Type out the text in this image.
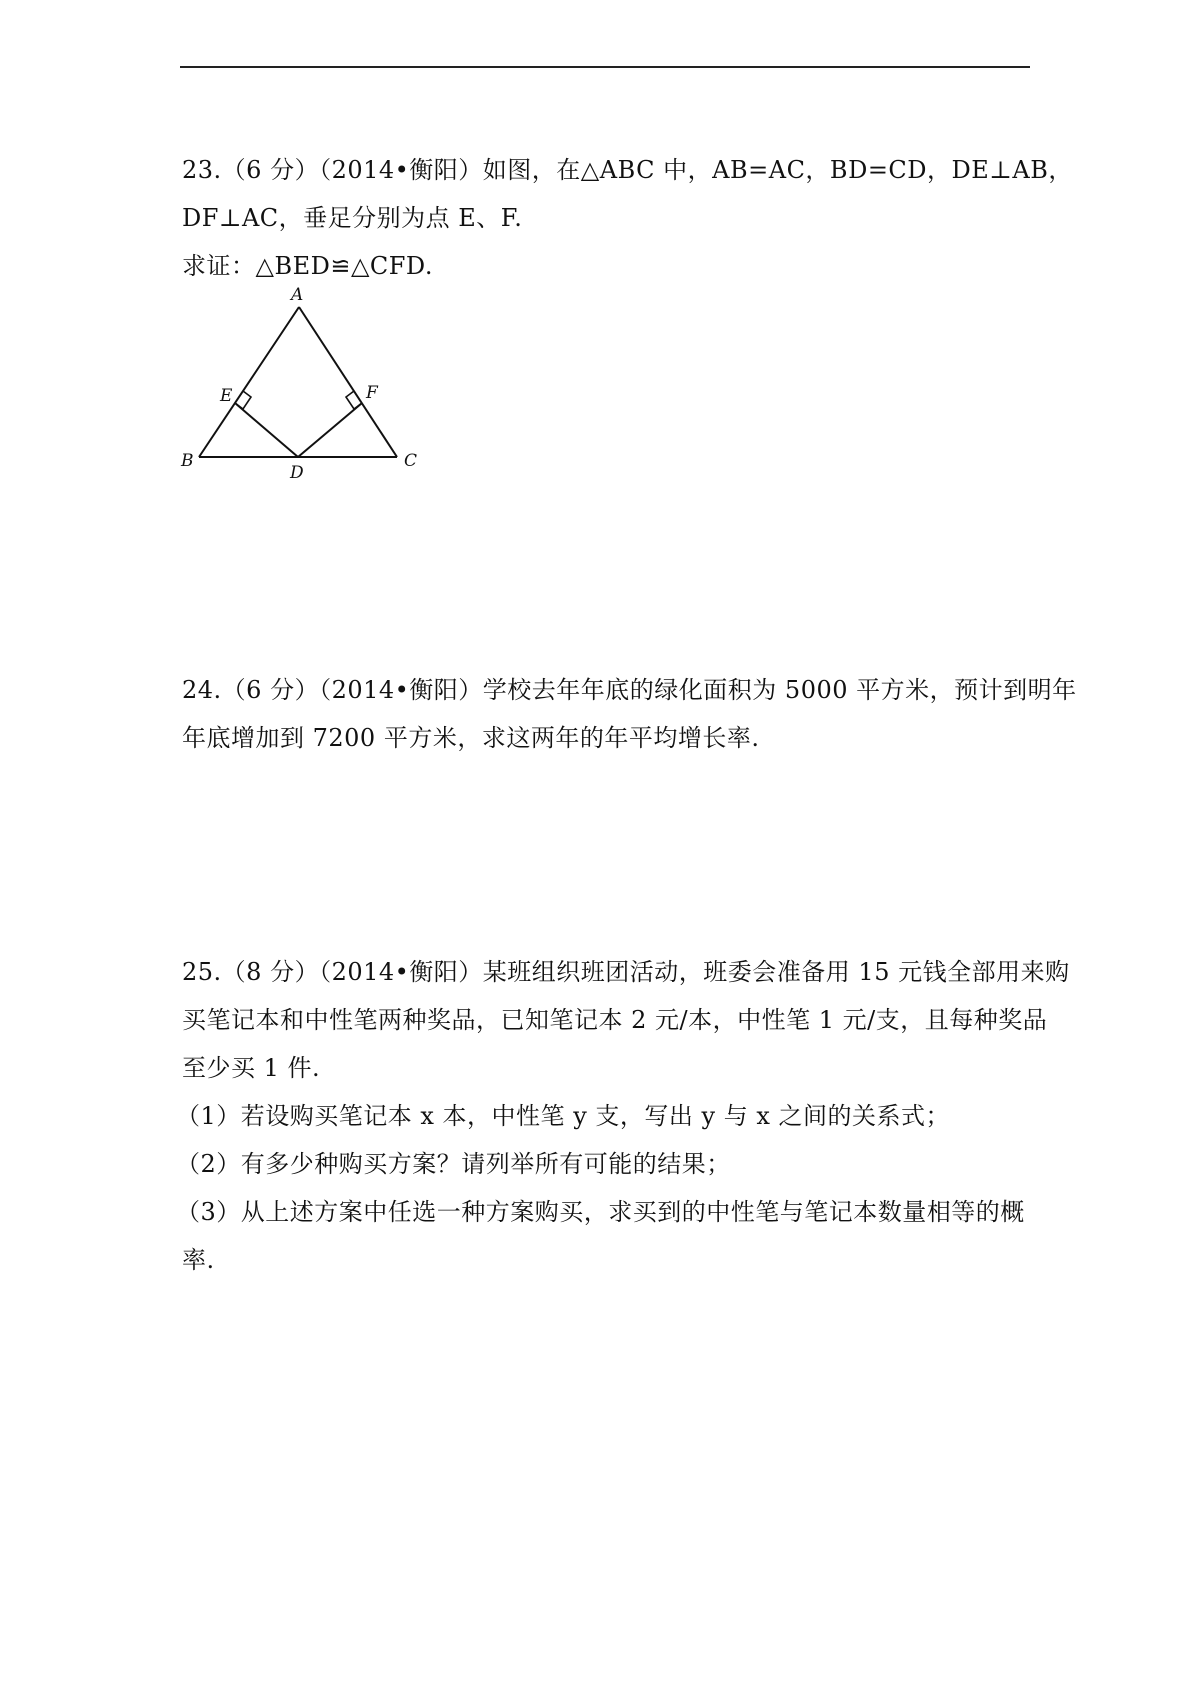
23.（6 分）（2014•衡阳）如图，在△ABC 中，AB=AC，BD=CD，DE⊥AB，
DF⊥AC，垂足分别为点 E、F.
求证：△BED≌△CFD.
A
E	F
B
D
C
24.（6 分）（2014•衡阳）学校去年年底的绿化面积为 5000 平方米，预计到明年
年底增加到 7200 平方米，求这两年的年平均增长率.
25.（8 分）（2014•衡阳）某班组织班团活动，班委会准备用 15 元钱全部用来购
买笔记本和中性笔两种奖品，已知笔记本 2 元/本，中性笔 1 元/支，且每种奖品
至少买 1 件.
（1）若设购买笔记本 x 本，中性笔 y 支，写出 y 与 x 之间的关系式；
（2）有多少种购买方案？请列举所有可能的结果；
（3）从上述方案中任选一种方案购买，求买到的中性笔与笔记本数量相等的概
率.
